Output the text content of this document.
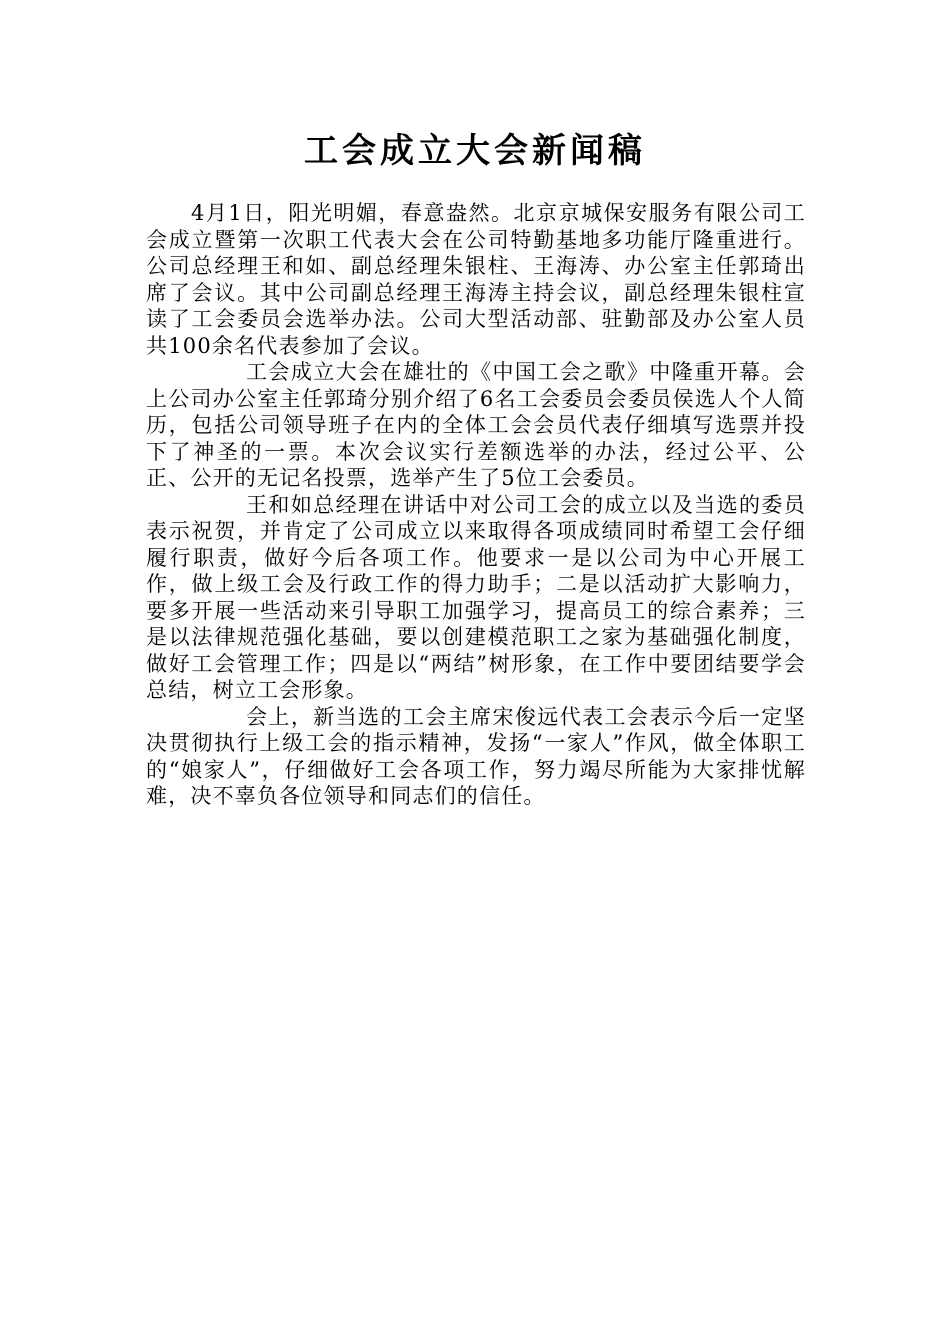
工会成立大会新闻稿

4月1日，阳光明媚，春意盎然。北京京城保安服务有限公司工会成立暨第一次职工代表大会在公司特勤基地多功能厅隆重进行。公司总经理王和如、副总经理朱银柱、王海涛、办公室主任郭琦出席了会议。其中公司副总经理王海涛主持会议，副总经理朱银柱宣读了工会委员会选举办法。公司大型活动部、驻勤部及办公室人员共100余名代表参加了会议。

工会成立大会在雄壮的《中国工会之歌》中隆重开幕。会上公司办公室主任郭琦分别介绍了6名工会委员会委员侯选人个人简历，包括公司领导班子在内的全体工会会员代表仔细填写选票并投下了神圣的一票。本次会议实行差额选举的办法，经过公平、公正、公开的无记名投票，选举产生了5位工会委员。

王和如总经理在讲话中对公司工会的成立以及当选的委员表示祝贺，并肯定了公司成立以来取得各项成绩同时希望工会仔细履行职责，做好今后各项工作。他要求一是以公司为中心开展工作，做上级工会及行政工作的得力助手；二是以活动扩大影响力，要多开展一些活动来引导职工加强学习，提高员工的综合素养；三是以法律规范强化基础，要以创建模范职工之家为基础强化制度，做好工会管理工作；四是以“两结”树形象，在工作中要团结要学会总结，树立工会形象。

会上，新当选的工会主席宋俊远代表工会表示今后一定坚决贯彻执行上级工会的指示精神，发扬“一家人”作风，做全体职工的“娘家人”，仔细做好工会各项工作，努力竭尽所能为大家排忧解难，决不辜负各位领导和同志们的信任。
